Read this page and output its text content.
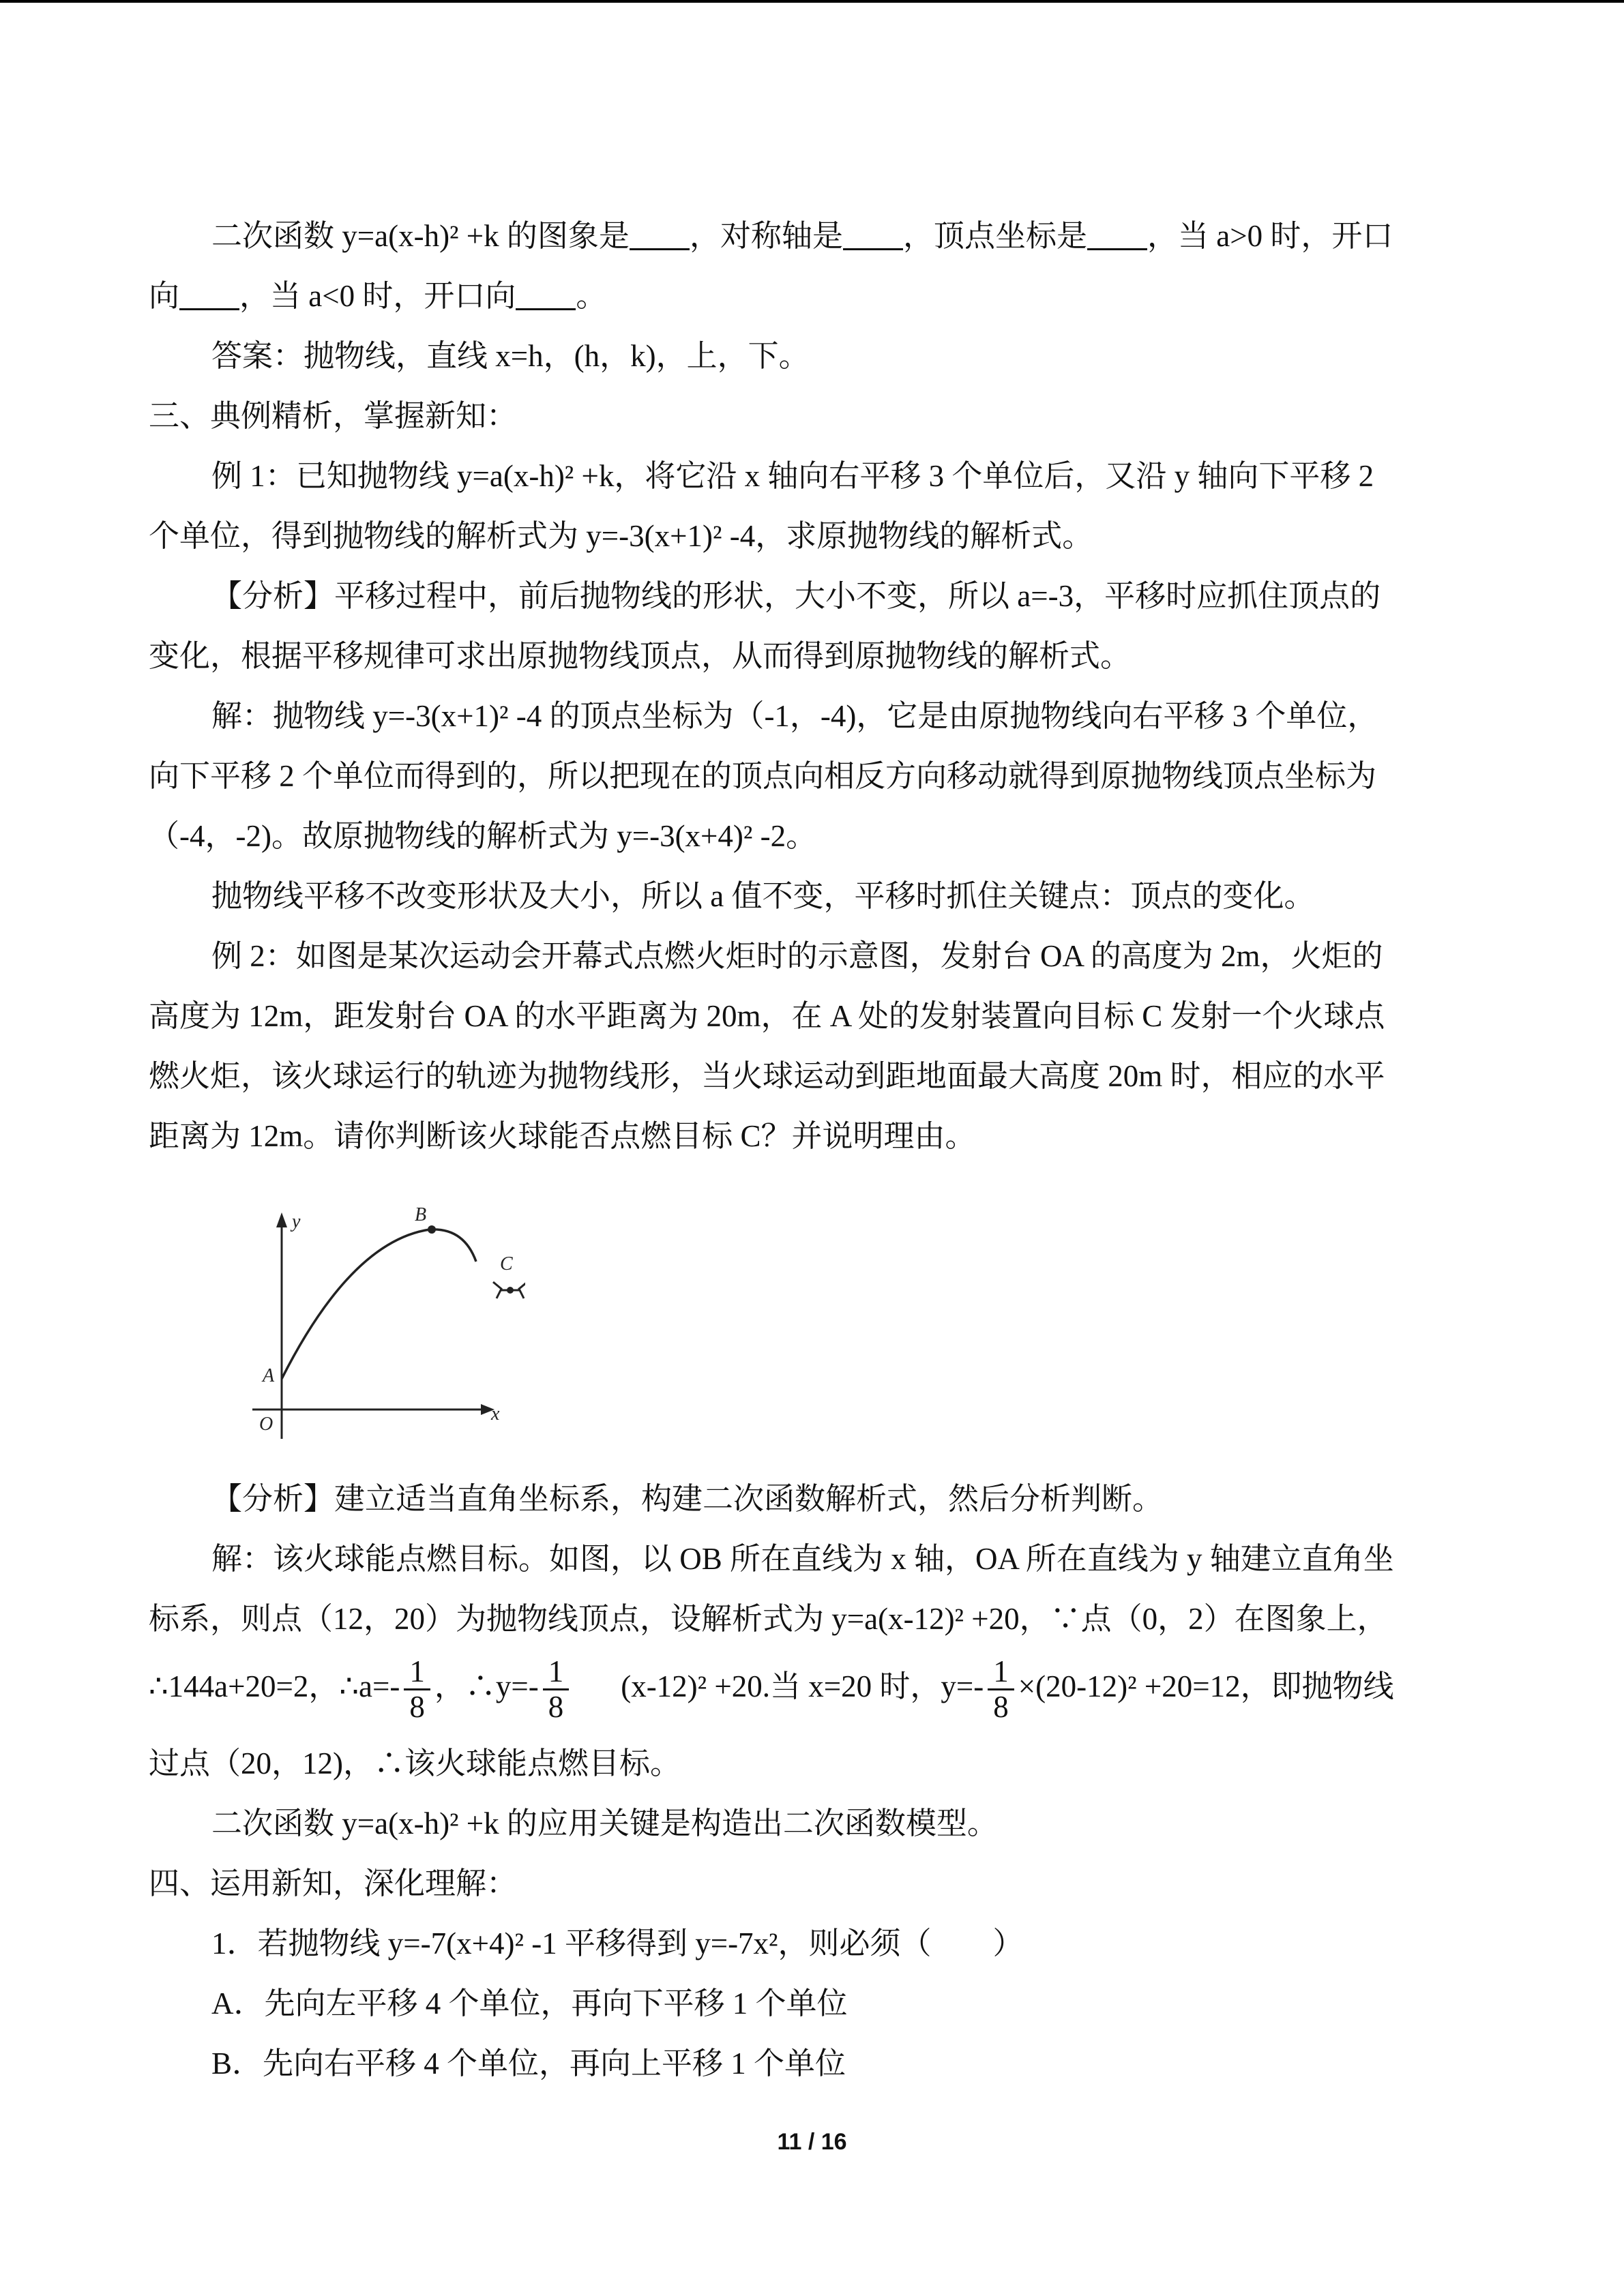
二次函数 y=a(x-h)² +k 的图象是 ，对称轴是 ，顶点坐标是 ，当 a>0 时，开口
向 ，当 a<0 时，开口向 。
答案：抛物线，直线 x=h，(h，k)，上，下。
三、典例精析，掌握新知：
例 1：已知抛物线 y=a(x-h)² +k，将它沿 x 轴向右平移 3 个单位后，又沿 y 轴向下平移 2
个单位，得到抛物线的解析式为 y=-3(x+1)² -4，求原抛物线的解析式。
【分析】平移过程中，前后抛物线的形状，大小不变，所以 a=-3，平移时应抓住顶点的
变化，根据平移规律可求出原抛物线顶点，从而得到原抛物线的解析式。
解：抛物线 y=-3(x+1)² -4 的顶点坐标为（-1，-4)，它是由原抛物线向右平移 3 个单位，
向下平移 2 个单位而得到的，所以把现在的顶点向相反方向移动就得到原抛物线顶点坐标为
（-4，-2)。故原抛物线的解析式为 y=-3(x+4)² -2。
抛物线平移不改变形状及大小，所以 a 值不变，平移时抓住关键点：顶点的变化。
例 2：如图是某次运动会开幕式点燃火炬时的示意图，发射台 OA 的高度为 2m，火炬的
高度为 12m，距发射台 OA 的水平距离为 20m，在 A 处的发射装置向目标 C 发射一个火球点
燃火炬，该火球运行的轨迹为抛物线形，当火球运动到距地面最大高度 20m 时，相应的水平
距离为 12m。请你判断该火球能否点燃目标 C？并说明理由。
【分析】建立适当直角坐标系，构建二次函数解析式，然后分析判断。
解：该火球能点燃目标。如图，以 OB 所在直线为 x 轴，OA 所在直线为 y 轴建立直角坐
标系，则点（12，20）为抛物线顶点，设解析式为 y=a(x-12)² +20，∵点（0，2）在图象上，
∴144a+20=2，∴a=- $\frac{1}{8}$ ，∴y=- $\frac{1}{8} (x-12)^2 +20$.当 x=20 时，$y=- \frac{1}{8} \times(20-12)^2 +20=12$，即抛物线
过点（20，12)，∴该火球能点燃目标。
二次函数 y=a(x-h)² +k 的应用关键是构造出二次函数模型。
四、运用新知，深化理解：
1．若抛物线 y=-7(x+4)² -1 平移得到 y=-7x²，则必须（　　）
A．先向左平移 4 个单位，再向下平移 1 个单位
B．先向右平移 4 个单位，再向上平移 1 个单位
y
x
A
O
B
C
11 / 16
